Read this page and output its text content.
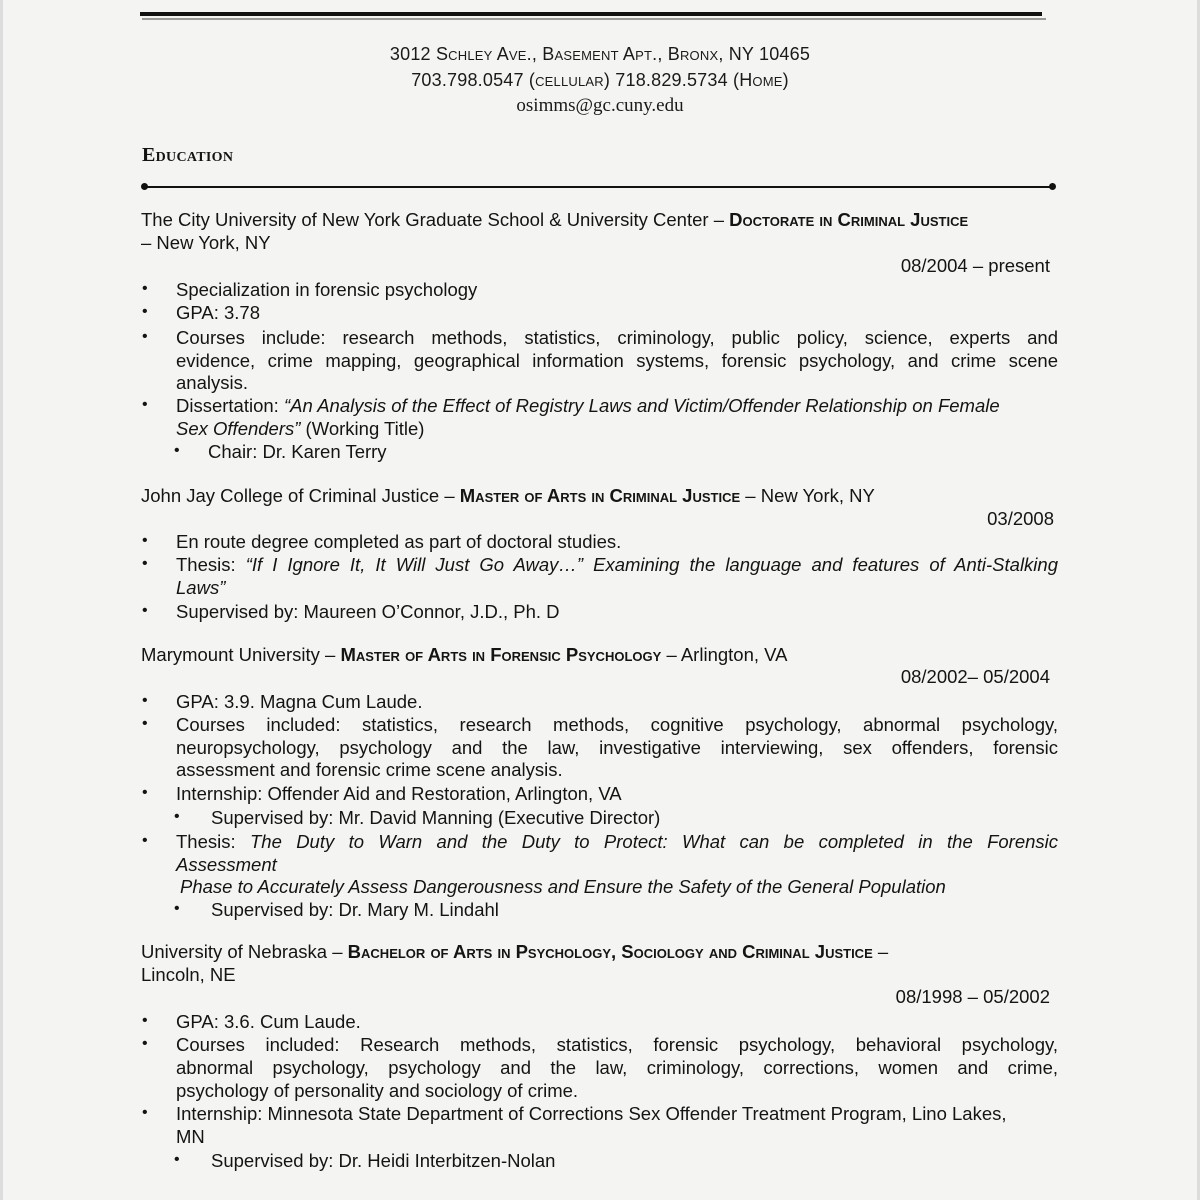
3012 Schley Ave., Basement Apt., Bronx, NY 10465
703.798.0547 (cellular) 718.829.5734 (Home)
osimms@gc.cuny.edu
Education
The City University of New York Graduate School & University Center – Doctorate in Criminal Justice
– New York, NY
08/2004 – present
• Specialization in forensic psychology
• GPA: 3.78
• Courses include: research methods, statistics, criminology, public policy, science, experts and
evidence, crime mapping, geographical information systems, forensic psychology, and crime scene
analysis.
• Dissertation: “An Analysis of the Effect of Registry Laws and Victim/Offender Relationship on Female
Sex Offenders” (Working Title)
• Chair: Dr. Karen Terry
John Jay College of Criminal Justice – Master of Arts in Criminal Justice – New York, NY
03/2008
• En route degree completed as part of doctoral studies.
• Thesis: “If I Ignore It, It Will Just Go Away…” Examining the language and features of Anti-Stalking
Laws”
• Supervised by: Maureen O’Connor, J.D., Ph. D
Marymount University – Master of Arts in Forensic Psychology – Arlington, VA
08/2002– 05/2004
• GPA: 3.9. Magna Cum Laude.
• Courses included: statistics, research methods, cognitive psychology, abnormal psychology,
neuropsychology, psychology and the law, investigative interviewing, sex offenders, forensic
assessment and forensic crime scene analysis.
• Internship: Offender Aid and Restoration, Arlington, VA
• Supervised by: Mr. David Manning (Executive Director)
• Thesis: The Duty to Warn and the Duty to Protect: What can be completed in the Forensic
Assessment
Phase to Accurately Assess Dangerousness and Ensure the Safety of the General Population
• Supervised by: Dr. Mary M. Lindahl
University of Nebraska – Bachelor of Arts in Psychology, Sociology and Criminal Justice –
Lincoln, NE
08/1998 – 05/2002
• GPA: 3.6. Cum Laude.
• Courses included: Research methods, statistics, forensic psychology, behavioral psychology,
abnormal psychology, psychology and the law, criminology, corrections, women and crime,
psychology of personality and sociology of crime.
• Internship: Minnesota State Department of Corrections Sex Offender Treatment Program, Lino Lakes,
MN
• Supervised by: Dr. Heidi Interbitzen-Nolan
